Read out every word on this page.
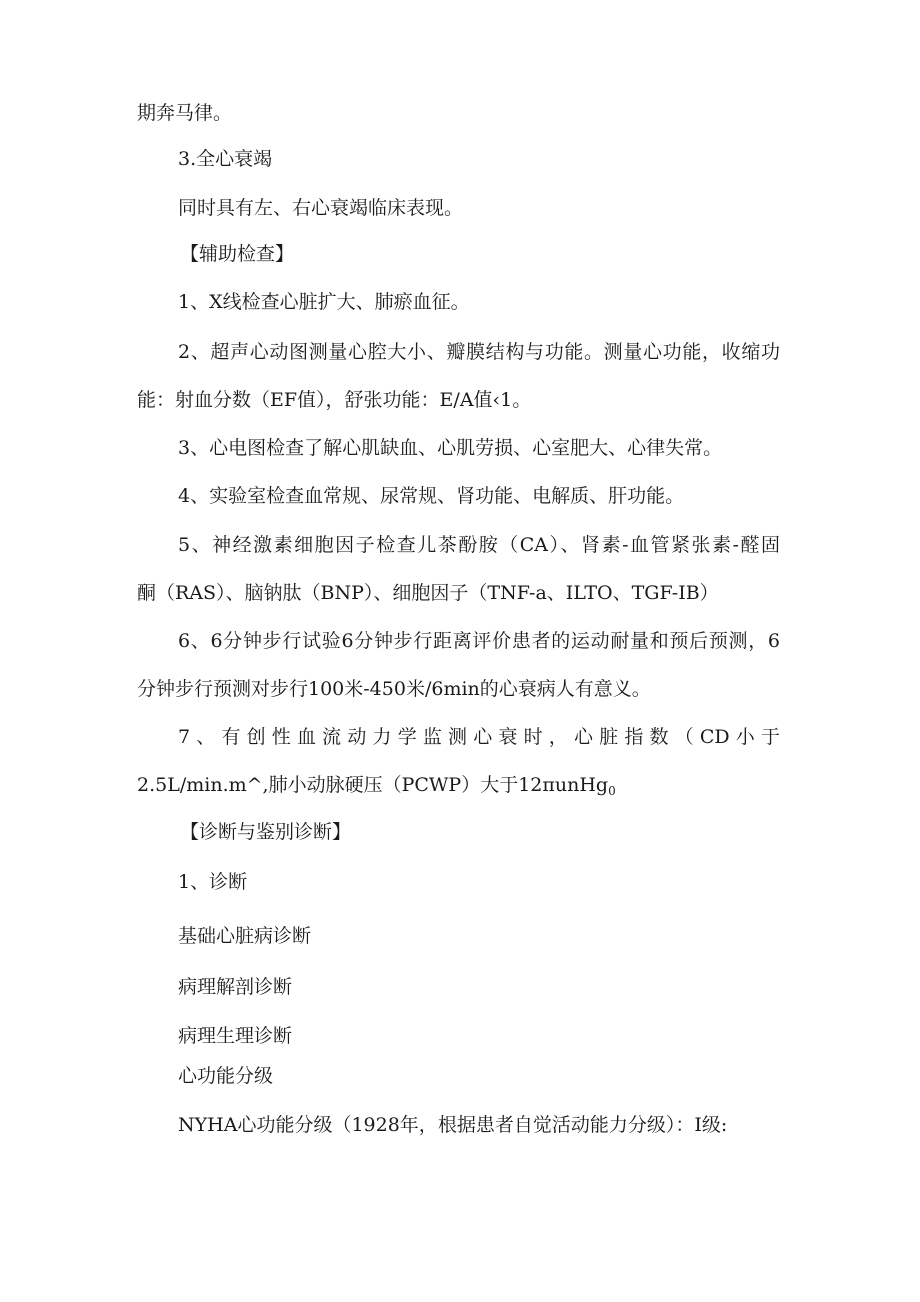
期奔马律。
3.全心衰竭
同时具有左、右心衰竭临床表现。
【辅助检查】
1、X线检查心脏扩大、肺瘀血征。
2、超声心动图测量心腔大小、瓣膜结构与功能。测量心功能，收缩功
能：射血分数（EF值），舒张功能：E/A值‹1。
3、心电图检查了解心肌缺血、心肌劳损、心室肥大、心律失常。
4、实验室检查血常规、尿常规、肾功能、电解质、肝功能。
5、神经激素细胞因子检查儿茶酚胺（CA）、肾素-血管紧张素-醛固
酮（RAS）、脑钠肽（BNP）、细胞因子（TNF-a、ILTO、TGF-IB）
6、6分钟步行试验6分钟步行距离评价患者的运动耐量和预后预测，6
分钟步行预测对步行100米-450米/6min的心衰病人有意义。
7、有创性血流动力学监测心衰时，心脏指数（CD小于
2.5L/min.m^,肺小动脉硬压（PCWP）大于12πunHg$_0$
【诊断与鉴别诊断】
1、诊断
基础心脏病诊断
病理解剖诊断
病理生理诊断
心功能分级
NYHA心功能分级（1928年，根据患者自觉活动能力分级）：I级:
